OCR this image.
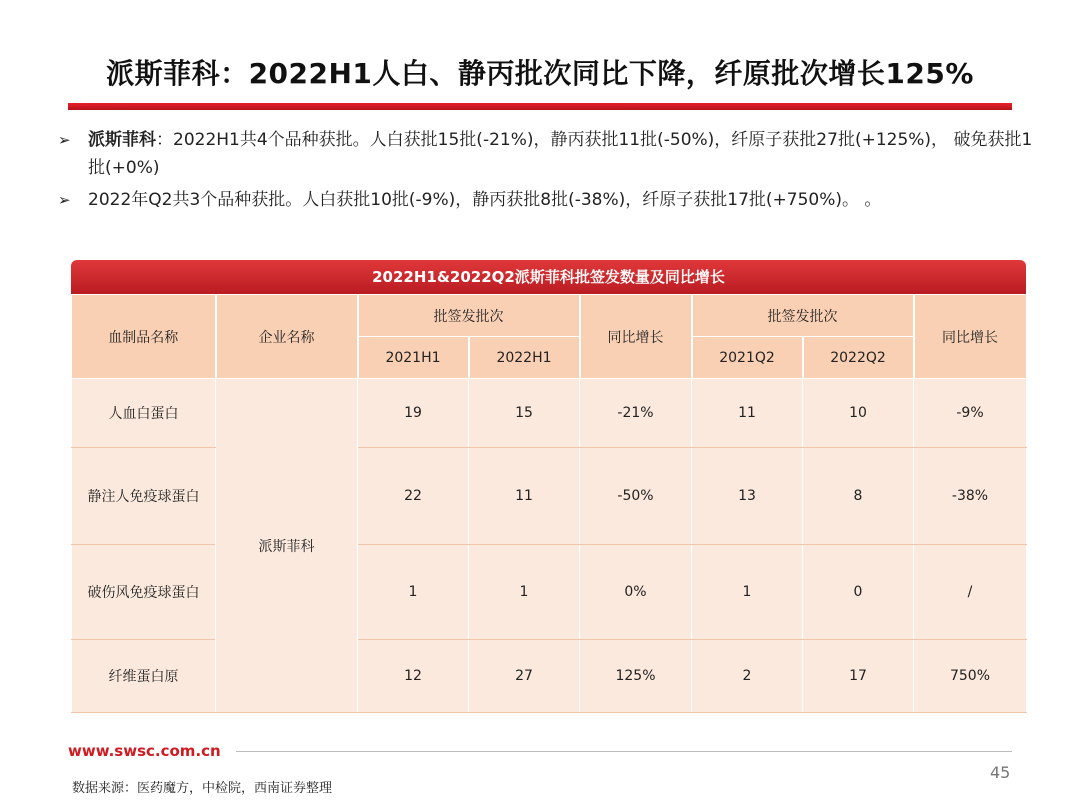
派斯菲科：2022H1人白、静丙批次同比下降，纤原批次增长125%
➢ 派斯菲科：2022H1共4个品种获批。人白获批15批(-21%)，静丙获批11批(-50%)，纤原子获批27批(+125%)， 破免获批1批(+0%)
➢ 2022年Q2共3个品种获批。人白获批10批(-9%)，静丙获批8批(-38%)，纤原子获批17批(+750%)。 。
2022H1&2022Q2派斯菲科批签发数量及同比增长
血制品名称	企业名称	批签发批次		同比增长	批签发批次		同比增长
		2021H1	2022H1		2021Q2	2022Q2	
人血白蛋白	派斯菲科	19	15	-21%	11	10	-9%
静注人免疫球蛋白		22	11	-50%	13	8	-38%
破伤风免疫球蛋白		1	1	0%	1	0	/
纤维蛋白原		12	27	125%	2	17	750%
www.swsc.com.cn
45
数据来源：医药魔方，中检院，西南证券整理
